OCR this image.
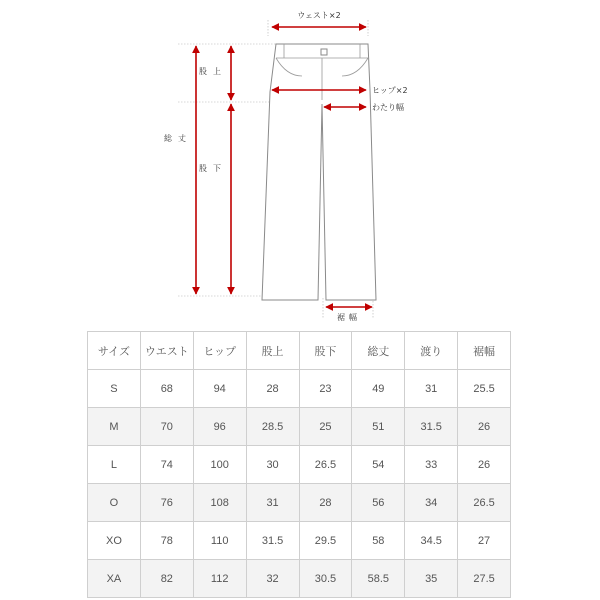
ウェスト×2
ヒップ×2
わたり幅
股上
股下
総丈
裾幅
サイズ	ウエスト	ヒップ	股上	股下	総丈	渡り	裾幅
S	68	94	28	23	49	31	25.5
M	70	96	28.5	25	51	31.5	26
L	74	100	30	26.5	54	33	26
O	76	108	31	28	56	34	26.5
XO	78	110	31.5	29.5	58	34.5	27
XA	82	112	32	30.5	58.5	35	27.5
